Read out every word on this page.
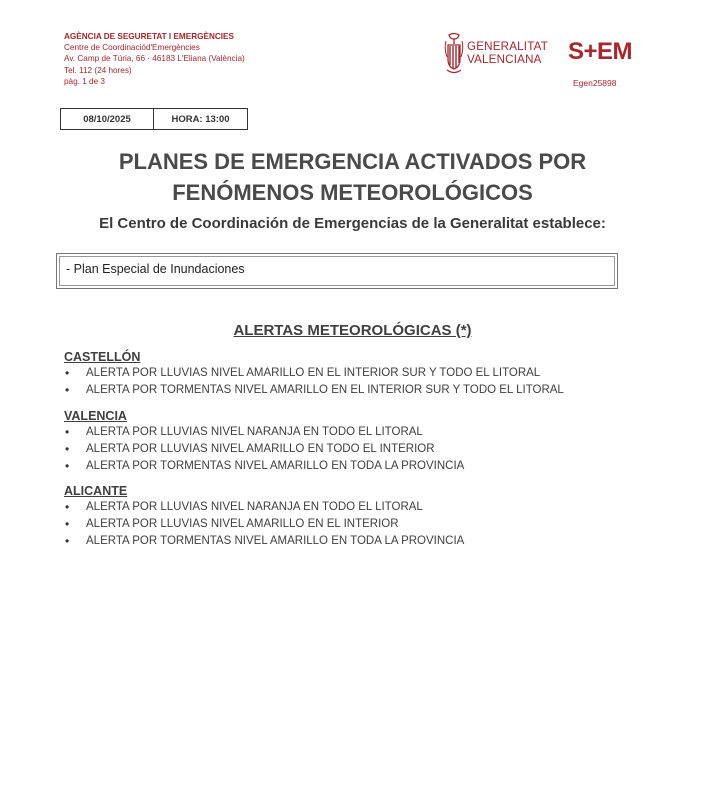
AGÈNCIA DE SEGURETAT I EMERGÈNCIES
Centre de Coordinaciód'Emergències
Av. Camp de Túria, 66 · 46183 L'Eliana (València)
Tel. 112 (24 hores)
pàg. 1 de 3
GENERALITAT
VALENCIANA S+EM
Egen25898
08/10/2025	HORA: 13:00
PLANES DE EMERGENCIA ACTIVADOS POR
FENÓMENOS METEOROLÓGICOS
El Centro de Coordinación de Emergencias de la Generalitat establece:
- Plan Especial de Inundaciones
ALERTAS METEOROLÓGICAS (*)
CASTELLÓN
• ALERTA POR LLUVIAS NIVEL AMARILLO EN EL INTERIOR SUR Y TODO EL LITORAL
• ALERTA POR TORMENTAS NIVEL AMARILLO EN EL INTERIOR SUR Y TODO EL LITORAL
VALENCIA
• ALERTA POR LLUVIAS NIVEL NARANJA EN TODO EL LITORAL
• ALERTA POR LLUVIAS NIVEL AMARILLO EN TODO EL INTERIOR
• ALERTA POR TORMENTAS NIVEL AMARILLO EN TODA LA PROVINCIA
ALICANTE
• ALERTA POR LLUVIAS NIVEL NARANJA EN TODO EL LITORAL
• ALERTA POR LLUVIAS NIVEL AMARILLO EN EL INTERIOR
• ALERTA POR TORMENTAS NIVEL AMARILLO EN TODA LA PROVINCIA
